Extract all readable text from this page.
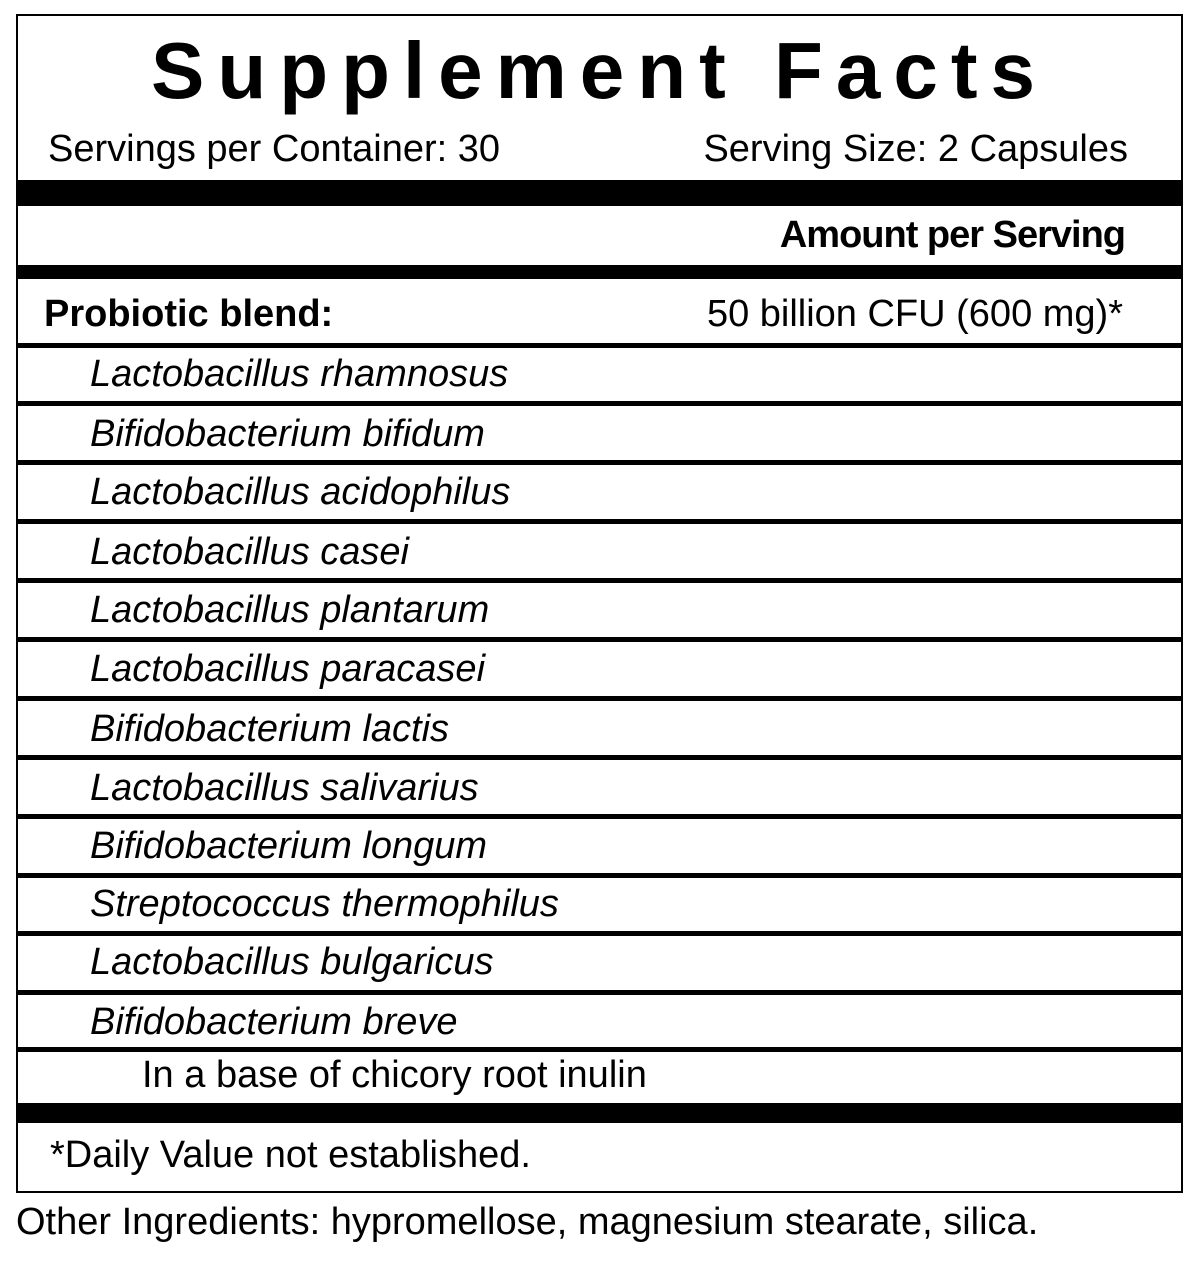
Supplement Facts
Servings per Container: 30	Serving Size: 2 Capsules
Amount per Serving
Probiotic blend:	50 billion CFU (600 mg)*
Lactobacillus rhamnosus
Bifidobacterium bifidum
Lactobacillus acidophilus
Lactobacillus casei
Lactobacillus plantarum
Lactobacillus paracasei
Bifidobacterium lactis
Lactobacillus salivarius
Bifidobacterium longum
Streptococcus thermophilus
Lactobacillus bulgaricus
Bifidobacterium breve
In a base of chicory root inulin
*Daily Value not established.
Other Ingredients: hypromellose, magnesium stearate, silica.
